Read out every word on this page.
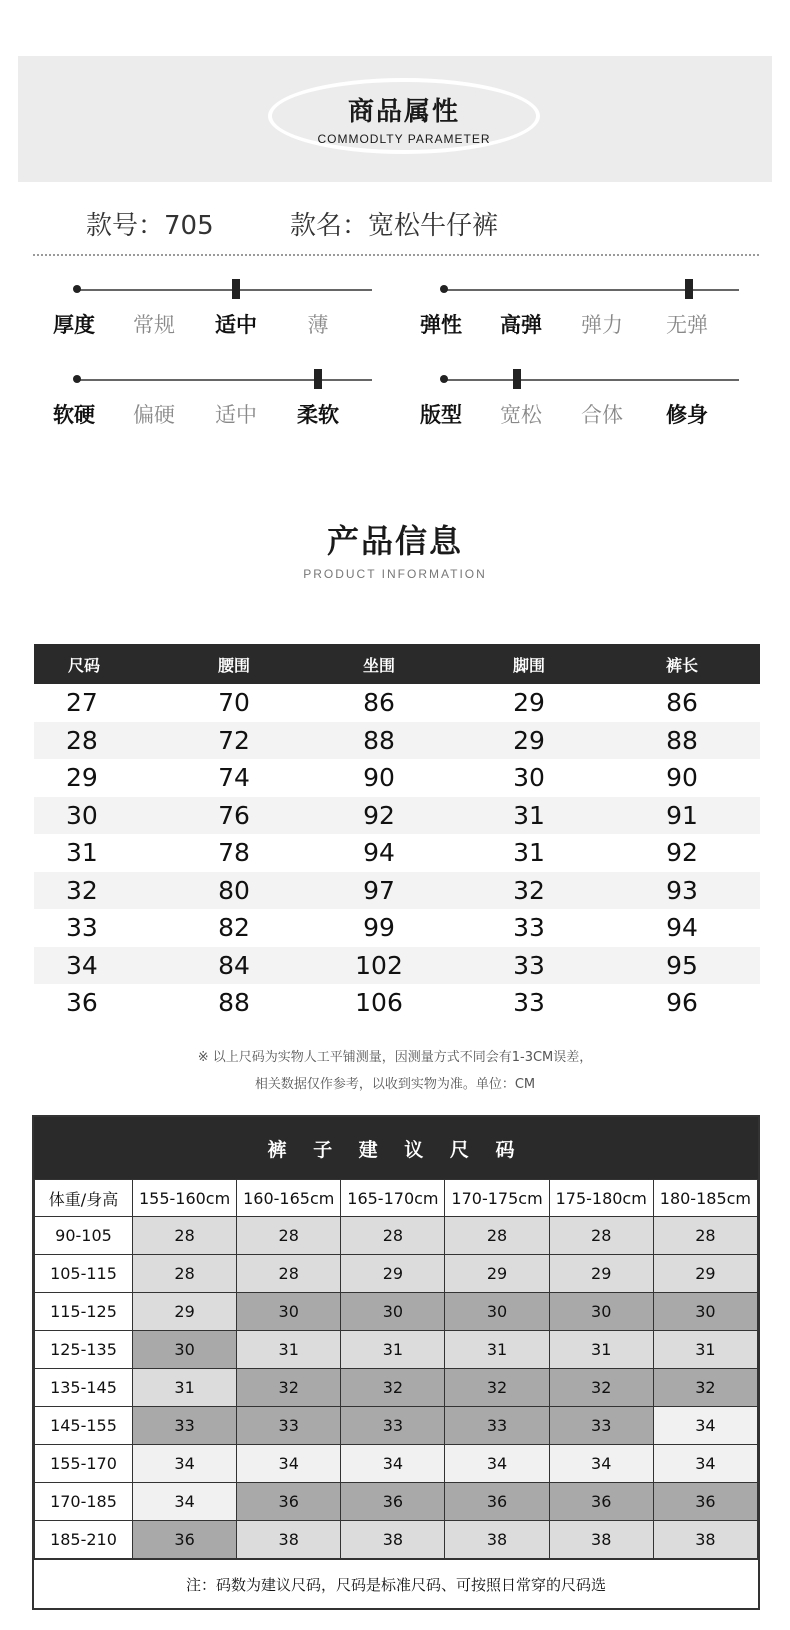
商品属性
COMMODLTY PARAMETER
款号：705	款名：宽松牛仔裤
厚度	常规	适中	薄	弹性	高弹	弹力	无弹
软硬	偏硬	适中	柔软	版型	宽松	合体	修身
产品信息
PRODUCT INFORMATION
尺码	腰围	坐围	脚围	裤长
27	70	86	29	86
28	72	88	29	88
29	74	90	30	90
30	76	92	31	91
31	78	94	31	92
32	80	97	32	93
33	82	99	33	94
34	84	102	33	95
36	88	106	33	96
※ 以上尺码为实物人工平铺测量，因测量方式不同会有1-3CM误差，
相关数据仅作参考，以收到实物为准。单位：CM
裤 子 建 议 尺 码
体重/身高	155-160cm	160-165cm	165-170cm	170-175cm	175-180cm	180-185cm
90-105	28	28	28	28	28	28
105-115	28	28	29	29	29	29
115-125	29	30	30	30	30	30
125-135	30	31	31	31	31	31
135-145	31	32	32	32	32	32
145-155	33	33	33	33	33	34
155-170	34	34	34	34	34	34
170-185	34	36	36	36	36	36
185-210	36	38	38	38	38	38
注：码数为建议尺码，尺码是标准尺码、可按照日常穿的尺码选
